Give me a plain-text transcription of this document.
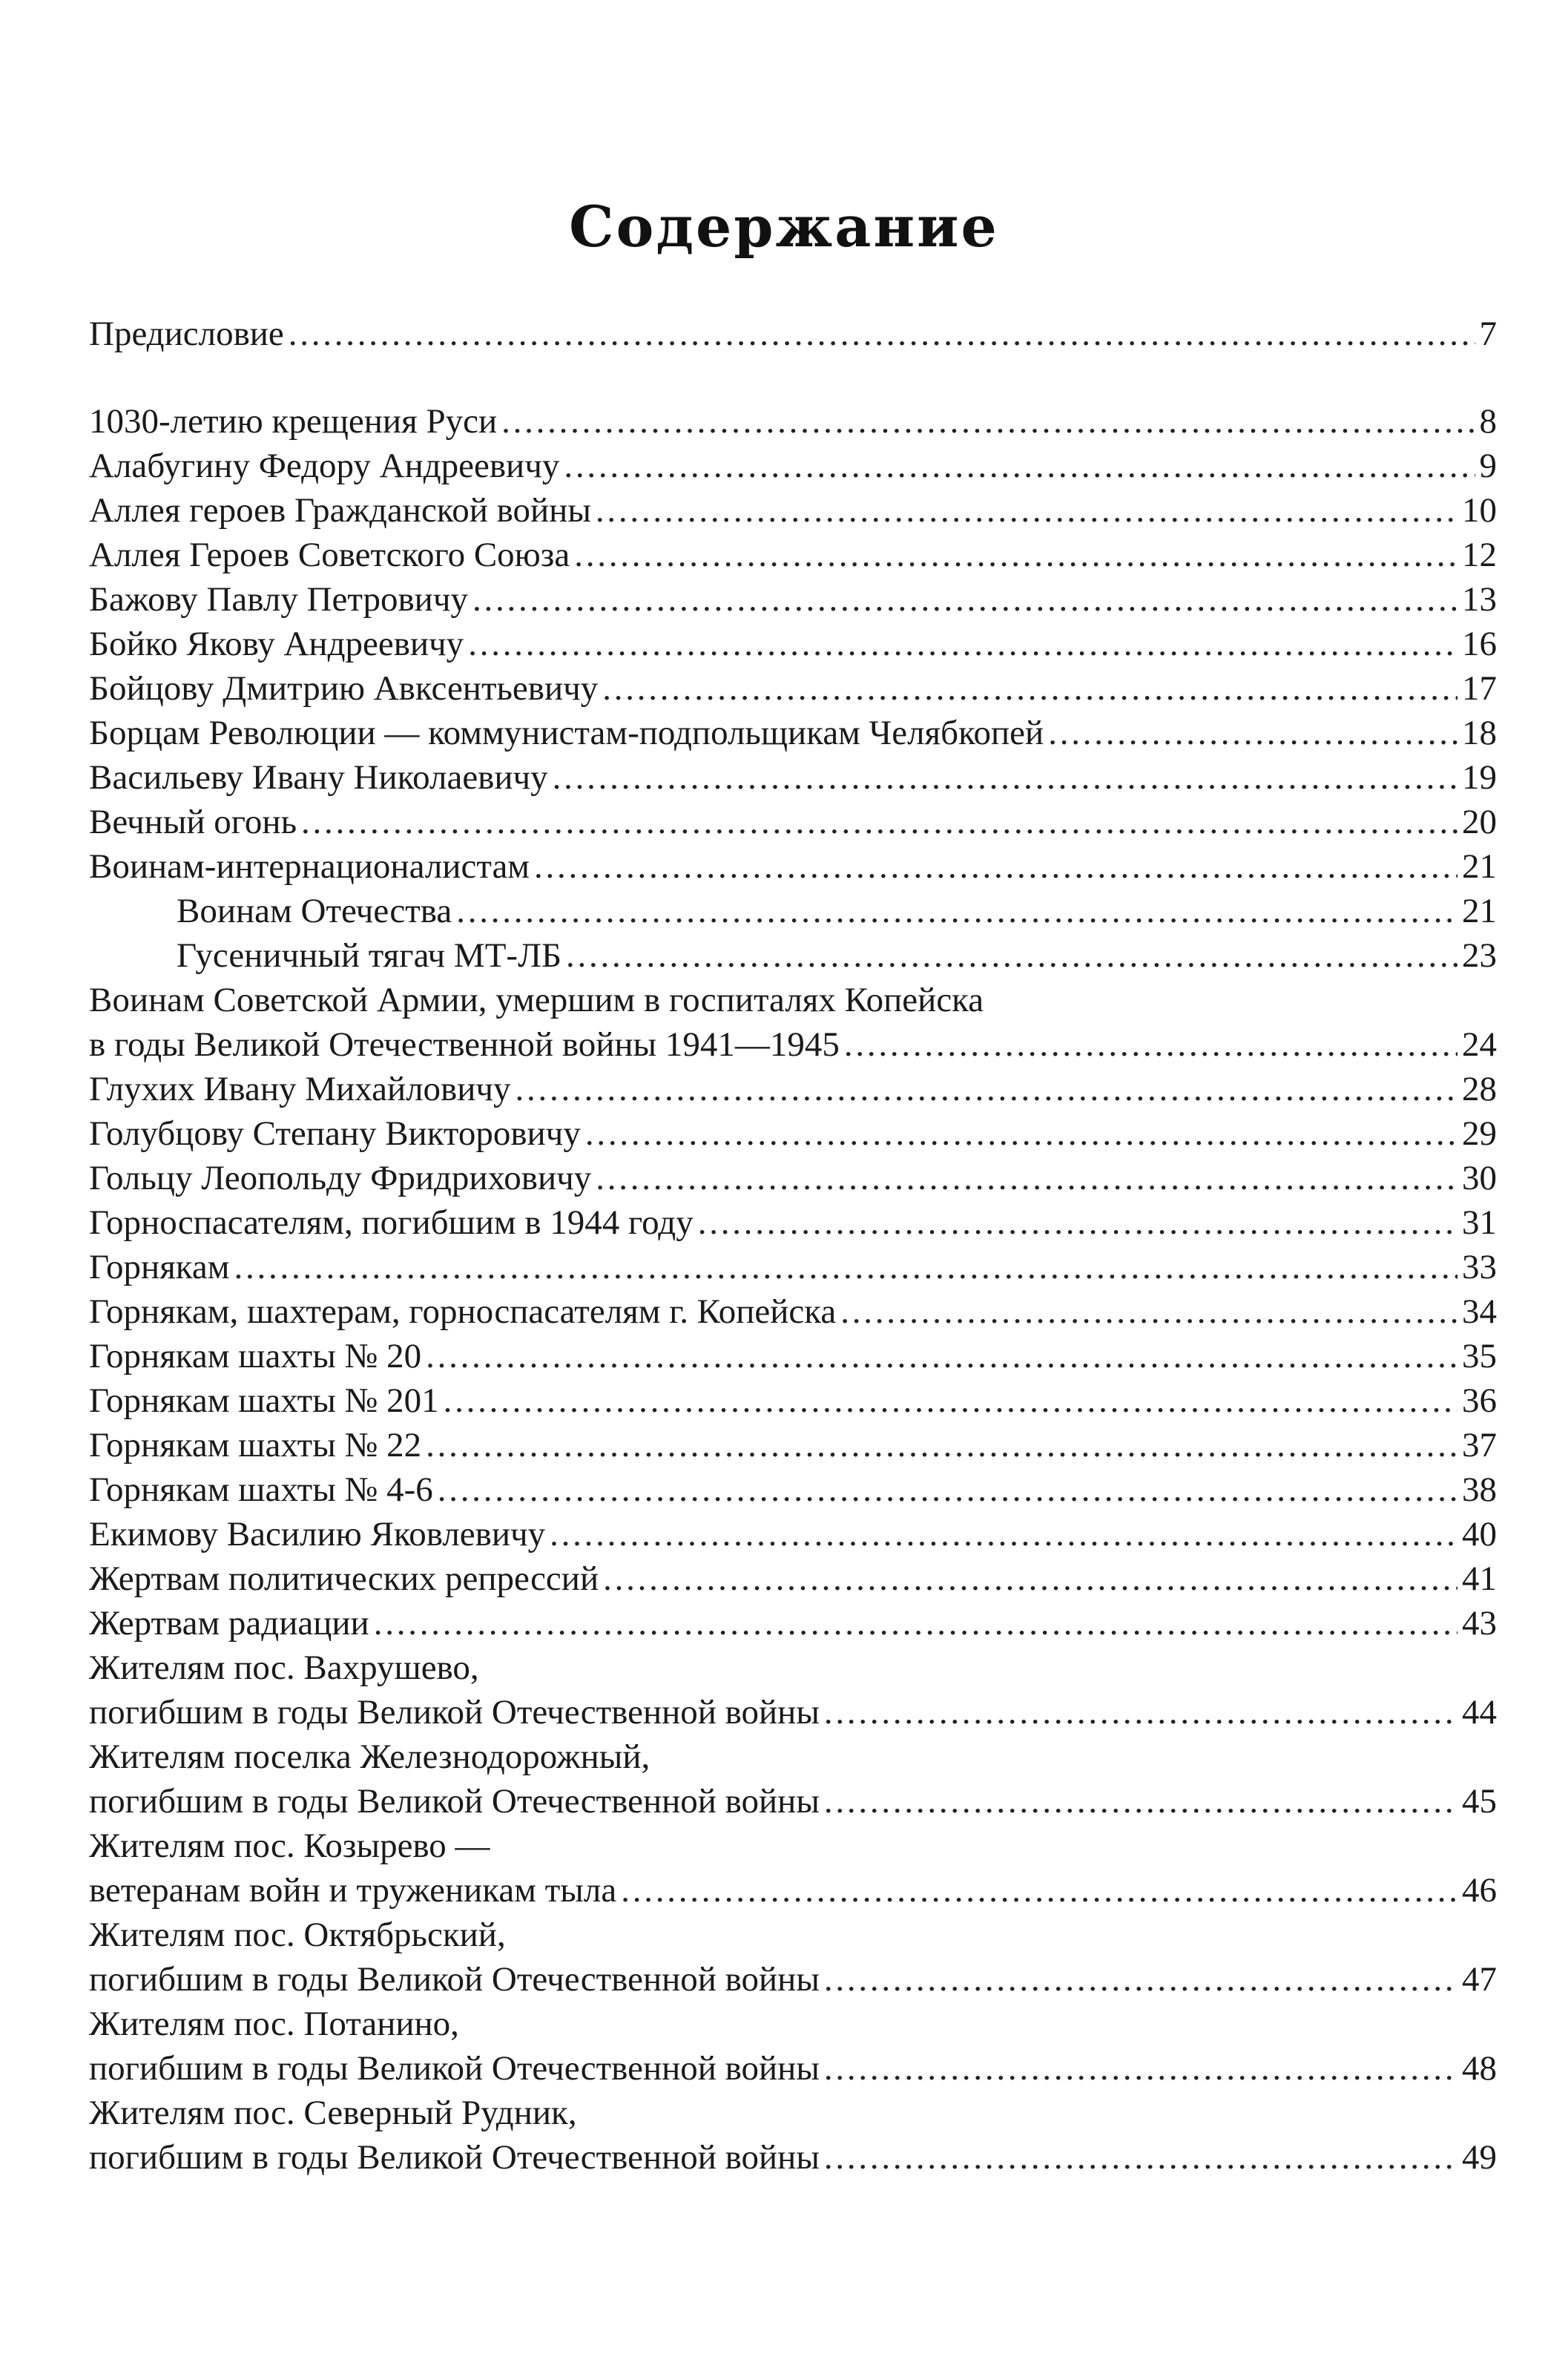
Содержание
Предисловие . . .	7
1030-летию крещения Руси . . .	8
Алабугину Федору Андреевичу . . .	9
Аллея героев Гражданской войны . . .	10
Аллея Героев Советского Союза . . .	12
Бажову Павлу Петровичу . . .	13
Бойко Якову Андреевичу . . .	16
Бойцову Дмитрию Авксентьевичу . . .	17
Борцам Революции — коммунистам-подпольщикам Челябкопей . . .	18
Васильеву Ивану Николаевичу . . .	19
Вечный огонь . . .	20
Воинам-интернационалистам . . .	21
Воинам Отечества . . .	21
Гусеничный тягач МТ-ЛБ . . .	23
Воинам Советской Армии, умершим в госпиталях Копейска
в годы Великой Отечественной войны 1941—1945 . . .	24
Глухих Ивану Михайловичу . . .	28
Голубцову Степану Викторовичу . . .	29
Гольцу Леопольду Фридриховичу . . .	30
Горноспасателям, погибшим в 1944 году . . .	31
Горнякам . . .	33
Горнякам, шахтерам, горноспасателям г. Копейска . . .	34
Горнякам шахты № 20 . . .	35
Горнякам шахты № 201 . . .	36
Горнякам шахты № 22 . . .	37
Горнякам шахты № 4-6 . . .	38
Екимову Василию Яковлевичу . . .	40
Жертвам политических репрессий . . .	41
Жертвам радиации . . .	43
Жителям пос. Вахрушево,
погибшим в годы Великой Отечественной войны . . .	44
Жителям поселка Железнодорожный,
погибшим в годы Великой Отечественной войны . . .	45
Жителям пос. Козырево —
ветеранам войн и труженикам тыла . . .	46
Жителям пос. Октябрьский,
погибшим в годы Великой Отечественной войны . . .	47
Жителям пос. Потанино,
погибшим в годы Великой Отечественной войны . . .	48
Жителям пос. Северный Рудник,
погибшим в годы Великой Отечественной войны . . .	49
